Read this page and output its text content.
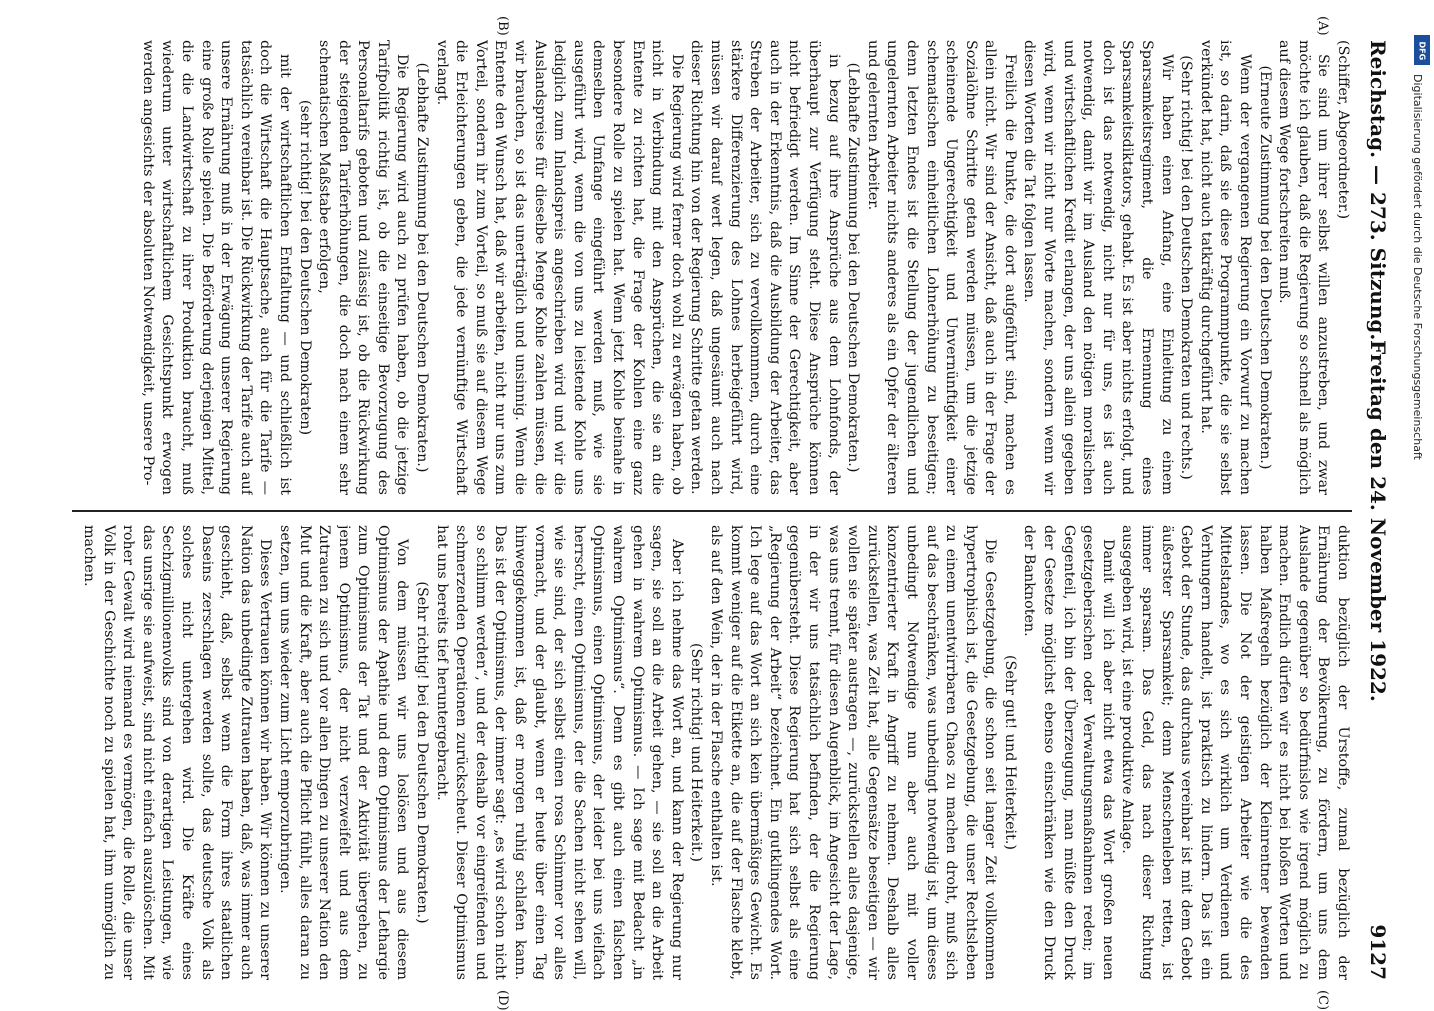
Reichstag. — 273. Sitzung.
Freitag den 24. November 1922.
9127

(Schiffer, Abgeordneter.)

Sie sind um ihrer selbst willen anzustreben, und zwar möchte ich glauben, daß die Regierung so schnell als möglich auf diesem Wege fortschreiten muß.

(Erneute Zustimmung bei den Deutschen Demokraten.)

Wenn der vergangenen Regierung ein Vorwurf zu machen ist, so darin, daß sie diese Programmpunkte, die sie selbst verkündet hat, nicht auch tatkräftig durchgeführt hat.

(Sehr richtig! bei den Deutschen Demokraten und rechts.)

Wir haben einen Anfang, eine Einleitung zu einem Sparsamkeitsregiment, die Ernennung eines Sparsamkeitsdiktators, gehabt. Es ist aber nichts erfolgt, und doch ist das notwendig, nicht nur für uns, es ist auch notwendig, damit wir im Ausland den nötigen moralischen und wirtschaftlichen Kredit erlangen, der uns allein gegeben wird, wenn wir nicht nur Worte machen, sondern wenn wir diesen Worten die Tat folgen lassen.

Freilich die Punkte, die dort aufgeführt sind, machen es allein nicht. Wir sind der Ansicht, daß auch in der Frage der Sozialöhne Schritte getan werden müssen, um die jetzige scheinende Ungerechtigkeit und Unvernünftigkeit einer schematischen einheitlichen Lohnerhöhung zu beseitigen; denn letzten Endes ist die Stellung der jugendlichen und ungelernten Arbeiter nichts anderes als ein Opfer der älteren und gelernten Arbeiter.

(Lebhafte Zustimmung bei den Deutschen Demokraten.)

in bezug auf ihre Ansprüche aus dem Lohnfonds, der überhaupt zur Verfügung steht. Diese Ansprüche können nicht befriedigt werden. Im Sinne der Gerechtigkeit, aber auch in der Erkenntnis, daß die Ausbildung der Arbeiter, das Streben der Arbeiter, sich zu vervollkommnen, durch eine stärkere Differenzierung des Lohnes herbeigeführt wird, müssen wir darauf wert legen, daß ungesäumt auch nach dieser Richtung hin von der Regierung Schritte getan werden.

Die Regierung wird ferner doch wohl zu erwägen haben, ob nicht in Verbindung mit den Ansprüchen, die sie an die Entente zu richten hat, die Frage der Kohlen eine ganz besondere Rolle zu spielen hat. Wenn jetzt Kohle beinahe in demselben Umfange eingeführt werden muß, wie sie ausgeführt wird, wenn die von uns zu leistende Kohle uns lediglich zum Inlandspreis angeschrieben wird und wir die Auslandspreise für dieselbe Menge Kohle zahlen müssen, die wir brauchen, so ist das unerträglich und unsinnig. Wenn die Entente den Wunsch hat, daß wir arbeiten, nicht nur uns zum Vorteil, sondern ihr zum Vorteil, so muß sie auf diesem Wege die Erleichterungen geben, die jede vernünftige Wirtschaft verlangt.

(Lebhafte Zustimmung bei den Deutschen Demokraten.)

Die Regierung wird auch zu prüfen haben, ob die jetzige Tarifpolitik richtig ist, ob die einseitige Bevorzugung des Personaltarifs geboten und zulässig ist, ob die Rückwirkung der steigenden Tariferhöhungen, die doch nach einem sehr schematischen Maßstabe erfolgen,

(sehr richtig! bei den Deutschen Demokraten)

mit der wirtschaftlichen Entfaltung — und schließlich ist doch die Wirtschaft die Hauptsache, auch für die Tarife — tatsächlich vereinbar ist. Die Rückwirkung der Tarife auch auf unsere Ernährung muß in der Erwägung unserer Regierung eine große Rolle spielen. Die Beförderung derjenigen Mittel, die die Landwirtschaft zu ihrer Produktion braucht, muß wiederum unter wirtschaftlichem Gesichtspunkt erwogen werden angesichts der absoluten Notwendigkeit, unsere Pro-

duktion bezüglich der Urstoffe, zumal bezüglich der Ernährung der Bevölkerung, zu fördern, um uns dem Auslande gegenüber so bedürfnislos wie irgend möglich zu machen. Endlich dürfen wir es nicht bei bloßen Worten und halben Maßregeln bezüglich der Kleinrentner bewenden lassen. Die Not der geistigen Arbeiter wie die des Mittelstandes, wo es sich wirklich um Verdienen und Verhungern handelt, ist praktisch zu lindern. Das ist ein Gebot der Stunde, das durchaus vereinbar ist mit dem Gebot äußerster Sparsamkeit; denn Menschenleben retten, ist immer sparsam. Das Geld, das nach dieser Richtung ausgegeben wird, ist eine produktive Anlage.

Damit will ich aber nicht etwa das Wort großen neuen gesetzgeberischen oder Verwaltungsmaßnahmen reden; im Gegenteil, ich bin der Überzeugung, man müßte den Druck der Gesetze möglichst ebenso einschränken wie den Druck der Banknoten.

(Sehr gut! und Heiterkeit.)

Die Gesetzgebung, die schon seit langer Zeit vollkommen hypertrophisch ist, die Gesetzgebung, die unser Rechtsleben zu einem unentwirrbaren Chaos zu machen droht, muß sich auf das beschränken, was unbedingt notwendig ist, um dieses unbedingt Notwendige nun aber auch mit voller konzentrierter Kraft in Angriff zu nehmen. Deshalb alles zurückstellen, was Zeit hat, alle Gegensätze beseitigen — wir wollen sie später austragen —, zurückstellen alles dasjenige, was uns trennt, für diesen Augenblick, im Angesicht der Lage, in der wir uns tatsächlich befinden, der die Regierung gegenübersteht. Diese Regierung hat sich selbst als eine „Regierung der Arbeit“ bezeichnet. Ein gutklingendes Wort. Ich lege auf das Wort an sich kein übermäßiges Gewicht. Es kommt weniger auf die Etikette an, die auf der Flasche klebt, als auf den Wein, der in der Flasche enthalten ist.

(Sehr richtig! und Heiterkeit.)

Aber ich nehme das Wort an, und kann der Regierung nur sagen, sie soll an die Arbeit gehen, — sie soll an die Arbeit gehen in wahrem Optimismus. — Ich sage mit Bedacht „in wahrem Optimismus“. Denn es gibt auch einen falschen Optimismus, einen Optimismus, der leider bei uns vielfach herrscht, einen Optimismus, der die Sachen nicht sehen will, wie sie sind, der sich selbst einen rosa Schimmer vor alles vormacht, und der glaubt, wenn er heute über einen Tag hinweggekommen ist, daß er morgen ruhig schlafen kann. Das ist der Optimismus, der immer sagt: „es wird schon nicht so schlimm werden“, und der deshalb vor eingreifenden und schmerzenden Operationen zurückscheut. Dieser Optimismus hat uns bereits tief heruntergebracht.

(Sehr richtig! bei den Deutschen Demokraten.)

Von dem müssen wir uns loslösen und aus diesem Optimismus der Apathie und dem Optimismus der Lethargie zum Optimismus der Tat und der Aktivität übergehen, zu jenem Optimismus, der nicht verzweifelt und aus dem Zutrauen zu sich und vor allen Dingen zu unserer Nation den Mut und die Kraft, aber auch die Pflicht fühlt, alles daran zu setzen, um uns wieder zum Licht emporzubringen.

Dieses Vertrauen können wir haben. Wir können zu unserer Nation das unbedingte Zutrauen haben, daß, was immer auch geschieht, daß, selbst wenn die Form ihres staatlichen Daseins zerschlagen werden sollte, das deutsche Volk als solches nicht untergehen wird. Die Kräfte eines Sechzigmillionenvolks sind von derartigen Leistungen, wie das unsrige sie aufweist, sind nicht einfach auszulöschen. Mit roher Gewalt wird niemand es vermögen, die Rolle, die unser Volk in der Geschichte noch zu spielen hat, ihm unmöglich zu machen.

(A)
(B)
(C)
(D)
DFG
Digitalisierung gefördert durch die Deutsche Forschungsgemeinschaft
